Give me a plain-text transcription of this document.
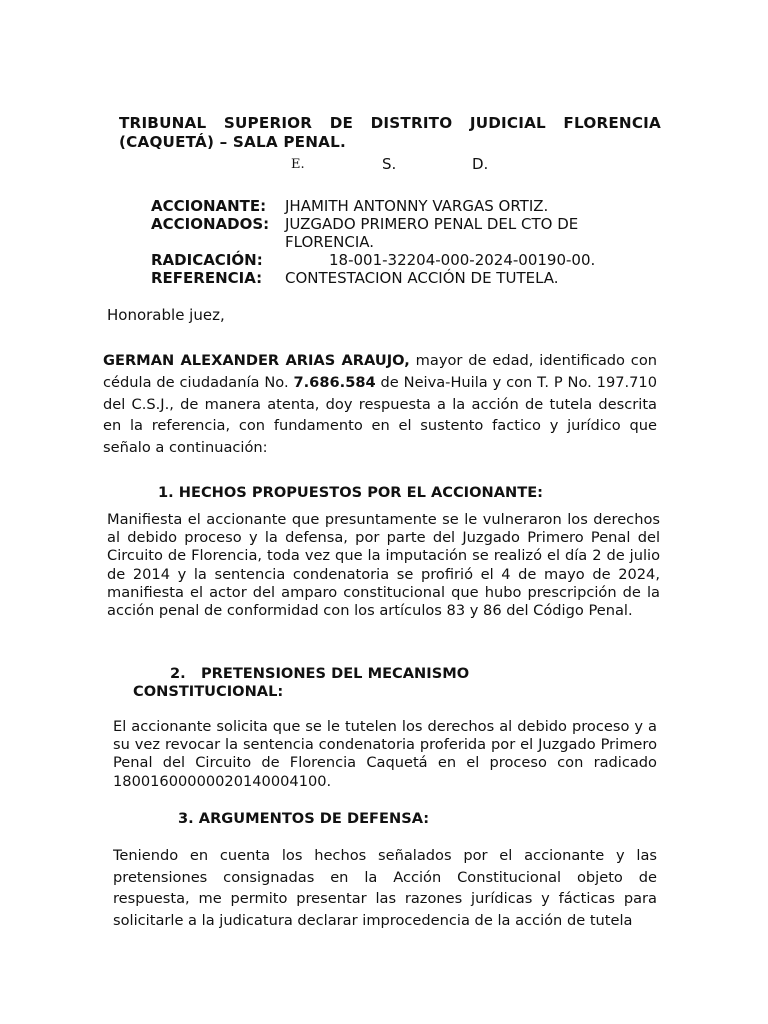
TRIBUNAL SUPERIOR DE DISTRITO JUDICIAL FLORENCIA (CAQUETÁ) – SALA PENAL.
E.	S.	D.
ACCIONANTE:	JHAMITH ANTONNY VARGAS ORTIZ.
ACCIONADOS:	JUZGADO PRIMERO PENAL DEL CTO DE FLORENCIA.
RADICACIÓN:	18-001-32204-000-2024-00190-00.
REFERENCIA:	CONTESTACION ACCIÓN DE TUTELA.
Honorable juez,
GERMAN ALEXANDER ARIAS ARAUJO, mayor de edad, identificado con cédula de ciudadanía No. 7.686.584 de Neiva-Huila y con T. P No. 197.710 del C.S.J., de manera atenta, doy respuesta a la acción de tutela descrita en la referencia, con fundamento en el sustento factico y jurídico que señalo a continuación:
1. HECHOS PROPUESTOS POR EL ACCIONANTE:
Manifiesta el accionante que presuntamente se le vulneraron los derechos al debido proceso y la defensa, por parte del Juzgado Primero Penal del Circuito de Florencia, toda vez que la imputación se realizó el día 2 de julio de 2014 y la sentencia condenatoria se profirió el 4 de mayo de 2024, manifiesta el actor del amparo constitucional que hubo prescripción de la acción penal de conformidad con los artículos 83 y 86 del Código Penal.
2.   PRETENSIONES DEL MECANISMO
CONSTITUCIONAL:
El accionante solicita que se le tutelen los derechos al debido proceso y a su vez revocar la sentencia condenatoria proferida por el Juzgado Primero Penal del Circuito de Florencia Caquetá en el proceso con radicado 18001600000020140004100.
3. ARGUMENTOS DE DEFENSA:
Teniendo en cuenta los hechos señalados por el accionante y las pretensiones consignadas en la Acción Constitucional objeto de respuesta, me permito presentar las razones jurídicas y fácticas para solicitarle a la judicatura declarar improcedencia de la acción de tutela
